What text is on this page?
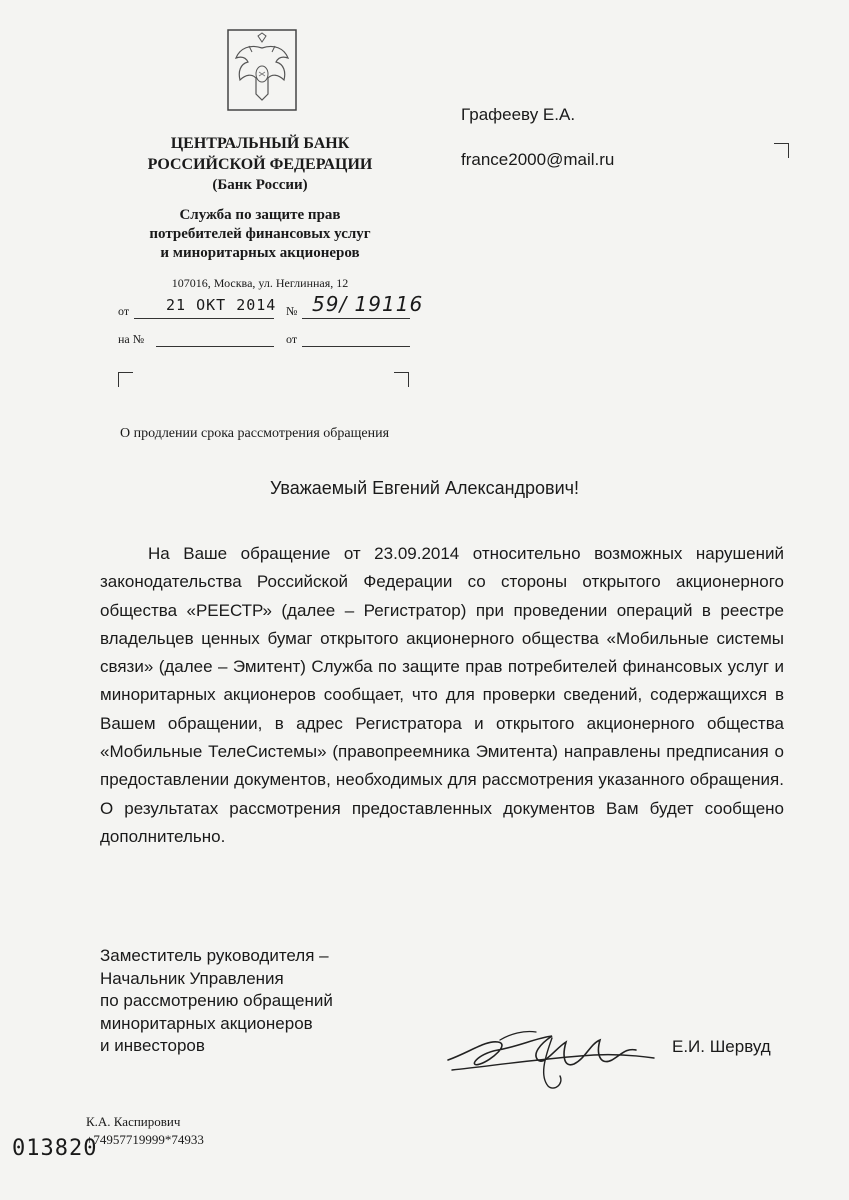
ЦЕНТРАЛЬНЫЙ БАНК
РОССИЙСКОЙ ФЕДЕРАЦИИ
(Банк России)
Служба по защите прав
потребителей финансовых услуг
и миноритарных акционеров
107016, Москва, ул. Неглинная, 12
от 21 ОКТ 2014 № 59/ 19116
на №	от
Графееву Е.А.
france2000@mail.ru
О продлении срока рассмотрения обращения
Уважаемый Евгений Александрович!
На Ваше обращение от 23.09.2014 относительно возможных нарушений законодательства Российской Федерации со стороны открытого акционерного общества «РЕЕСТР» (далее – Регистратор) при проведении операций в реестре владельцев ценных бумаг открытого акционерного общества «Мобильные системы связи» (далее – Эмитент) Служба по защите прав потребителей финансовых услуг и миноритарных акционеров сообщает, что для проверки сведений, содержащихся в Вашем обращении, в адрес Регистратора и открытого акционерного общества «Мобильные ТелеСистемы» (правопреемника Эмитента) направлены предписания о предоставлении документов, необходимых для рассмотрения указанного обращения. О результатах рассмотрения предоставленных документов Вам будет сообщено дополнительно.
Заместитель руководителя –
Начальник Управления
по рассмотрению обращений
миноритарных акционеров
и инвесторов	Е.И. Шервуд
К.А. Каспирович
+74957719999*74933
013820
